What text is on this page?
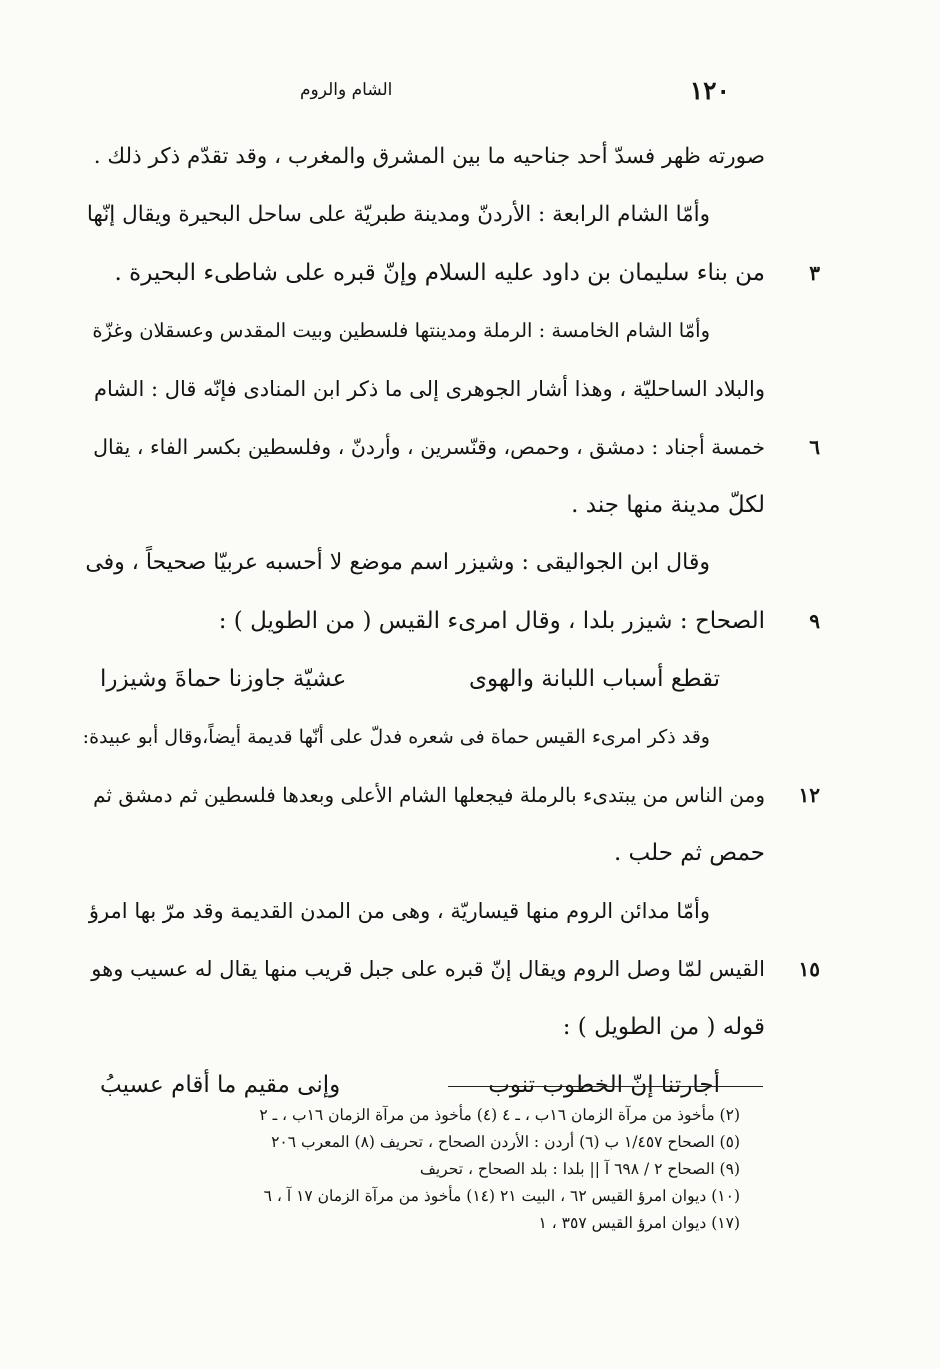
١٢٠
الشام والروم
صورته ظهر فسدّ أحد جناحيه ما بين المشرق والمغرب ، وقد تقدّم ذكر ذلك .
وأمّا الشام الرابعة : الأردنّ ومدينة طبريّة على ساحل البحيرة ويقال إنّها
٣
من بناء سليمان بن داود عليه السلام وإنّ قبره على شاطىء البحيرة .
وأمّا الشام الخامسة : الرملة ومدينتها فلسطين وبيت المقدس وعسقلان وغزّة
والبلاد الساحليّة ، وهذا أشار الجوهرى إلى ما ذكر ابن المنادى فإنّه قال : الشام
٦
خمسة أجناد : دمشق ، وحمص، وقنّسرين ، وأردنّ ، وفلسطين بكسر الفاء ، يقال
لكلّ مدينة منها جند .
وقال ابن الجواليقى : وشيزر اسم موضع لا أحسبه عربيّا صحيحاً ، وفى
٩
الصحاح : شيزر بلدا ، وقال امرىء القيس ( من الطويل ) :
تقطع أسباب اللبانة والهوى
عشيّة جاوزنا حماةَ وشيزرا
وقد ذكر امرىء القيس حماة فى شعره فدلّ على أنّها قديمة أيضاً،وقال أبو عبيدة:
١٢
ومن الناس من يبتدىء بالرملة فيجعلها الشام الأعلى وبعدها فلسطين ثم دمشق ثم
حمص ثم حلب .
وأمّا مدائن الروم منها قيساريّة ، وهى من المدن القديمة وقد مرّ بها امرؤ
١٥
القيس لمّا وصل الروم ويقال إنّ قبره على جبل قريب منها يقال له عسيب وهو
قوله ( من الطويل ) :
أجارتنا إنّ الخطوب تنوب
وإنى مقيم ما أقام عسيبُ
(٢) مأخوذ من مرآة الزمان ١٦ب ، ـ ٤ (٤) مأخوذ من مرآة الزمان ١٦ب ، ـ ٢
(٥) الصحاح ١/٤٥٧ ب (٦) أردن : الأردن الصحاح ، تحريف (٨) المعرب ٢٠٦
(٩) الصحاح ٢ / ٦٩٨ آ || بلدا : بلد الصحاح ، تحريف
(١٠) ديوان امرؤ القيس ٦٢ ، البيت ٢١ (١٤) مأخوذ من مرآة الزمان ١٧ آ ، ٦
(١٧) ديوان امرؤ القيس ٣٥٧ ، ١
